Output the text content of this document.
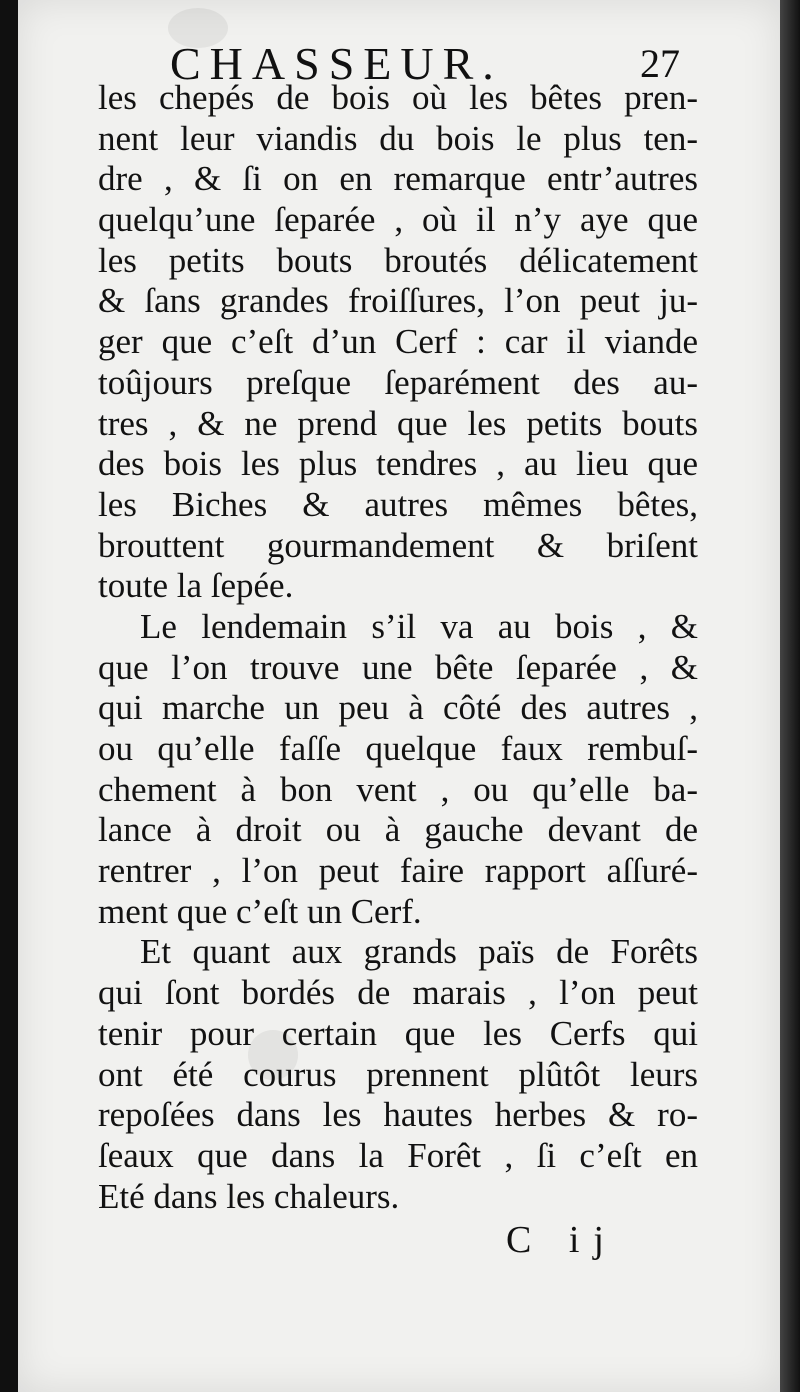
CHASSEUR.	27

les chepés de bois où les bêtes pren-
nent leur viandis du bois le plus ten-
dre , & ſi on en remarque entr’autres
quelqu’une ſeparée , où il n’y aye que
les petits bouts broutés délicatement
& ſans grandes froiſſures, l’on peut ju-
ger que c’eſt d’un Cerf : car il viande
toûjours preſque ſeparément des au-
tres , & ne prend que les petits bouts
des bois les plus tendres , au lieu que
les Biches & autres mêmes bêtes,
brouttent gourmandement & briſent
toute la ſepée.

Le lendemain s’il va au bois , &
que l’on trouve une bête ſeparée , &
qui marche un peu à côté des autres ,
ou qu’elle faſſe quelque faux rembuſ-
chement à bon vent , ou qu’elle ba-
lance à droit ou à gauche devant de
rentrer , l’on peut faire rapport aſſuré-
ment que c’eſt un Cerf.

Et quant aux grands païs de Forêts
qui ſont bordés de marais , l’on peut
tenir pour certain que les Cerfs qui
ont été courus prennent plûtôt leurs
repoſées dans les hautes herbes & ro-
ſeaux que dans la Forêt , ſi c’eſt en
Eté dans les chaleurs.

C ij
